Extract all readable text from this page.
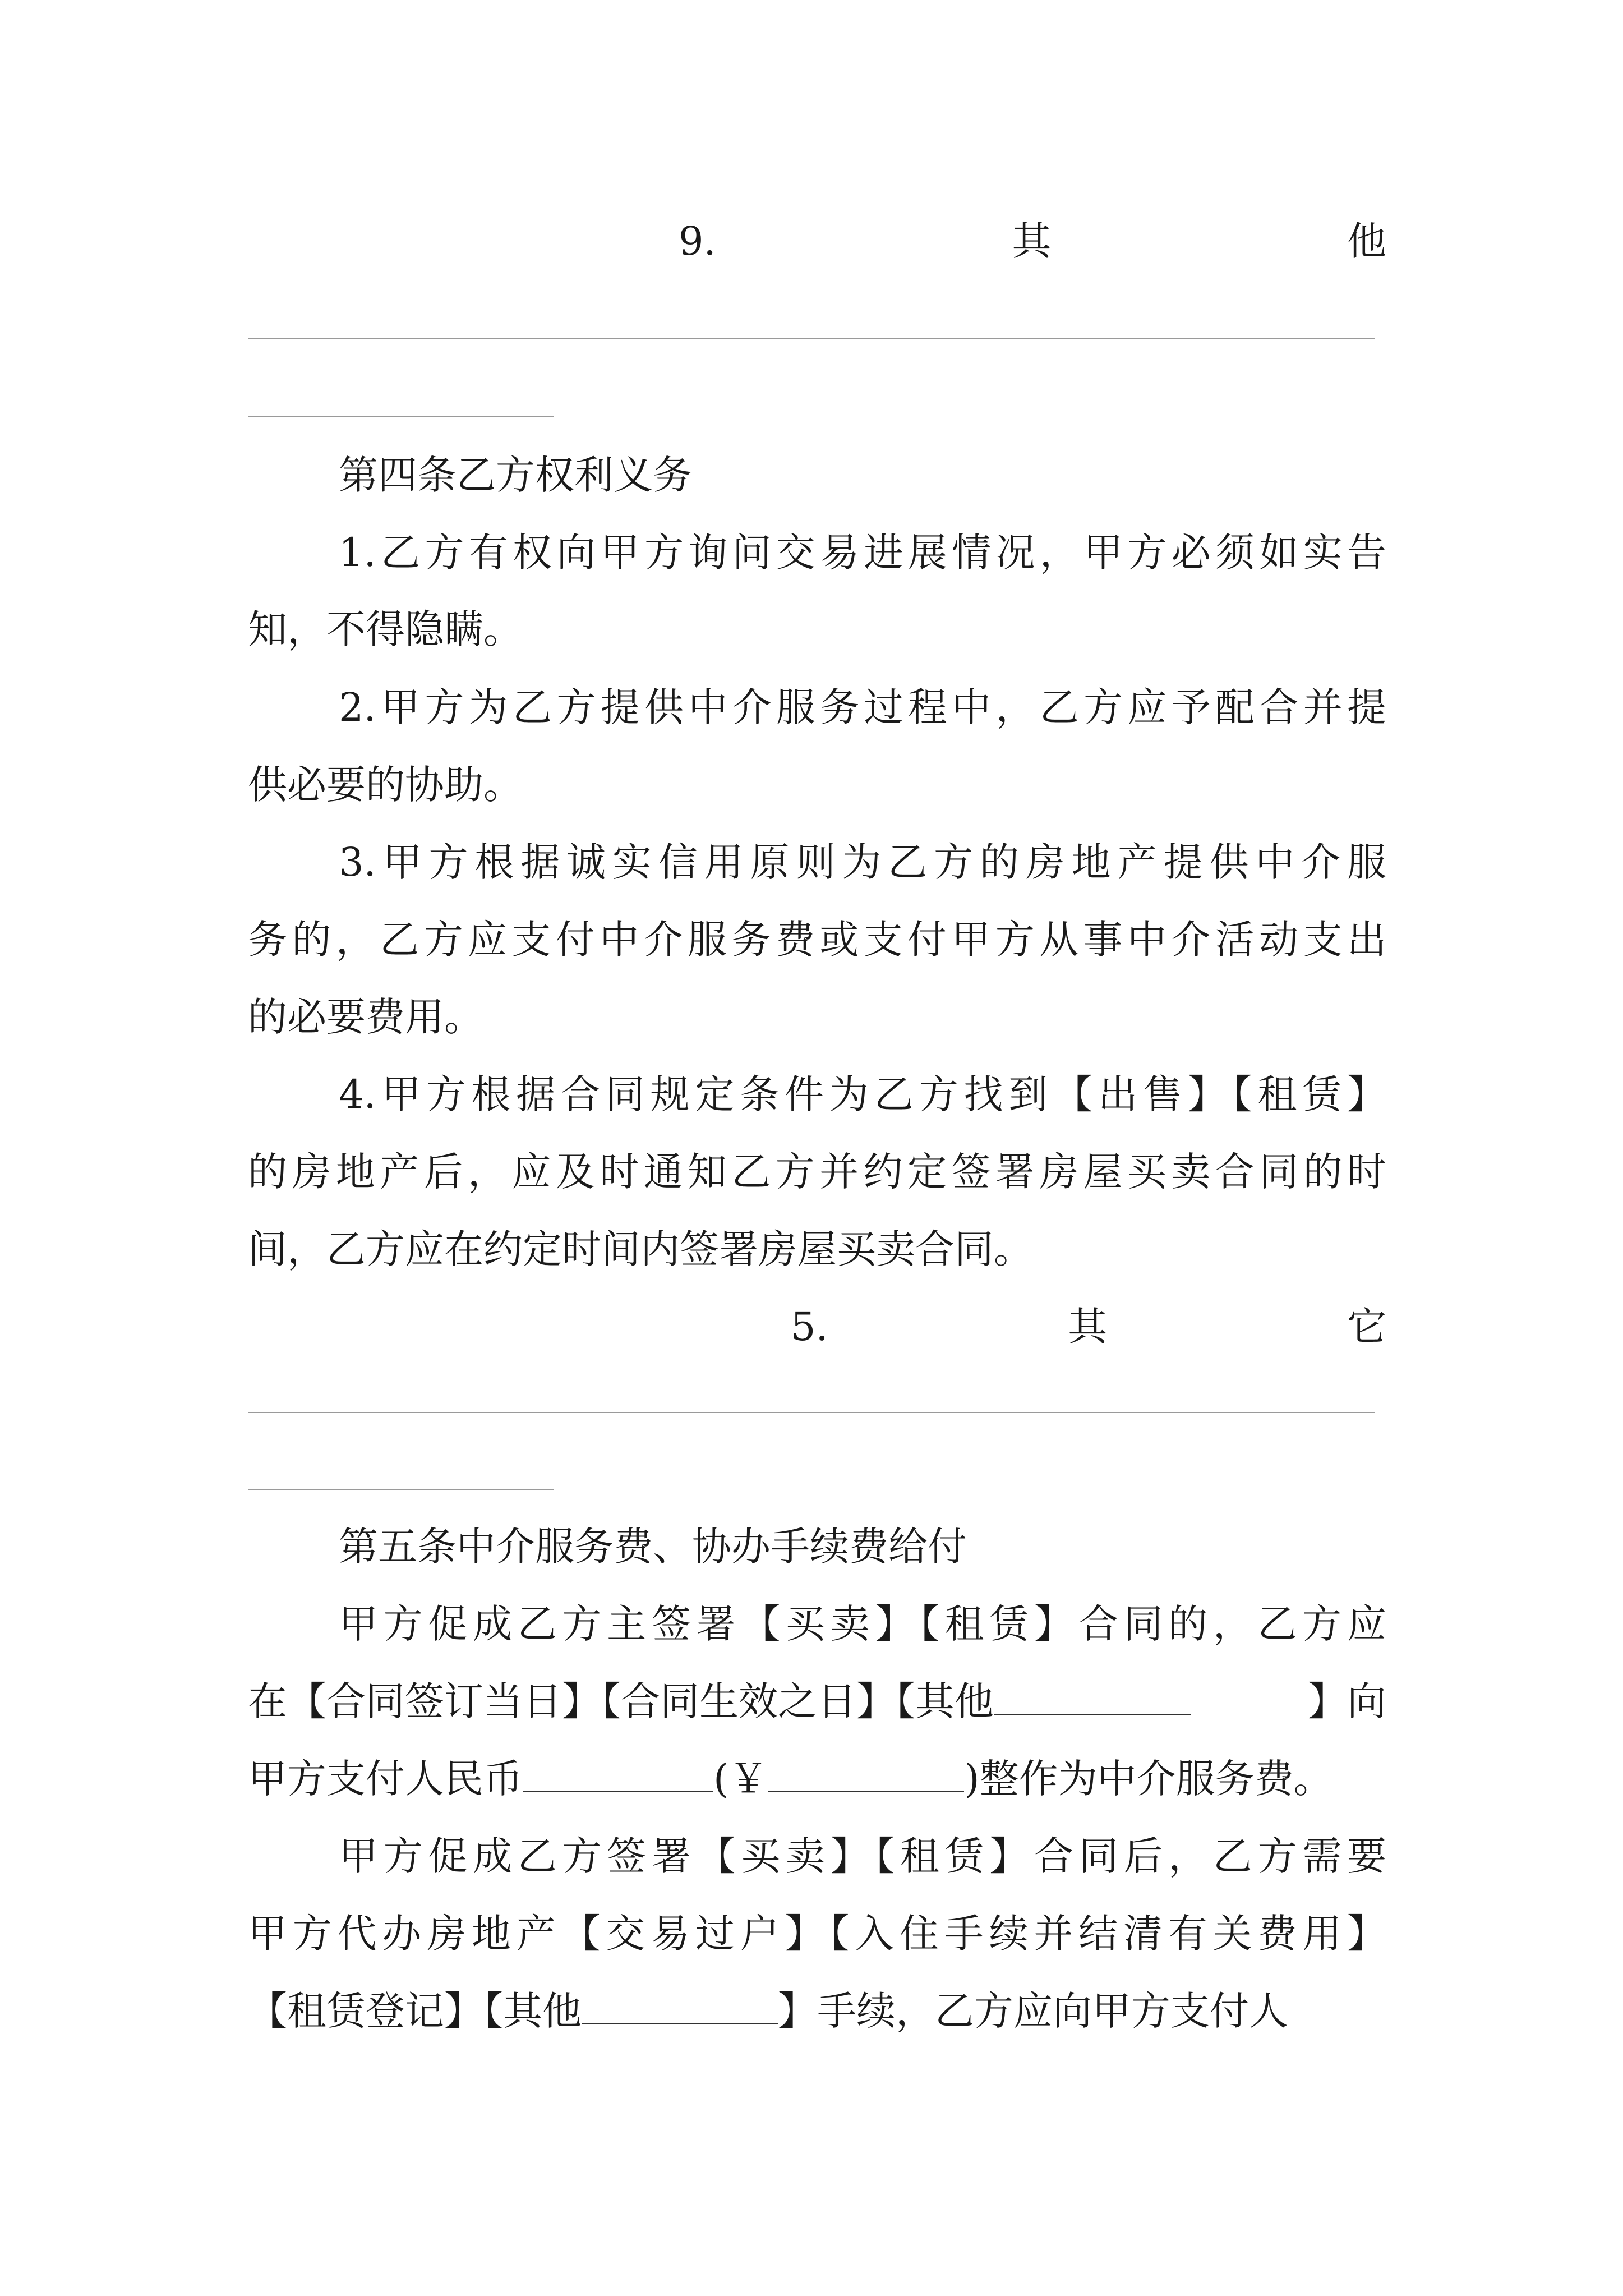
9.	其	他
第四条乙方权利义务
1.乙方有权向甲方询问交易进展情况，甲方必须如实告
知，不得隐瞒。
2.甲方为乙方提供中介服务过程中，乙方应予配合并提
供必要的协助。
3.甲方根据诚实信用原则为乙方的房地产提供中介服
务的，乙方应支付中介服务费或支付甲方从事中介活动支出
的必要费用。
4.甲方根据合同规定条件为乙方找到【出售】【租赁】
的房地产后，应及时通知乙方并约定签署房屋买卖合同的时
间，乙方应在约定时间内签署房屋买卖合同。
5.	其	它
第五条中介服务费、协办手续费给付
甲方促成乙方主签署【买卖】【租赁】合同的，乙方应
在【合同签订当日】【合同生效之日】【其他	】向
甲方支付人民币	(￥	)整作为中介服务费。
甲方促成乙方签署【买卖】【租赁】合同后，乙方需要
甲方代办房地产【交易过户】【入住手续并结清有关费用】
【租赁登记】【其他	】手续，乙方应向甲方支付人
